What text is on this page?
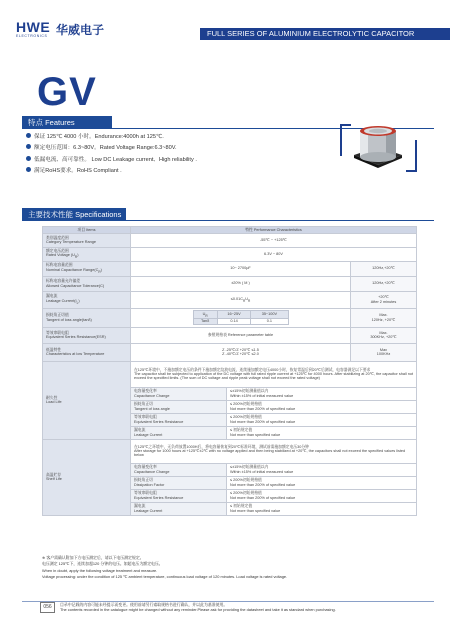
HWE 华威电子
ELECTRONICS	FULL SERIES OF ALUMINIUM ELECTROLYTIC CAPACITOR
GV
特点 Features
保证 125℃ 4000 小时。Endurance:4000h at 125℃.
额定电压范围：6.3~80V。Rated Voltage Range:6.3~80V.
低漏电流、高可靠性。 Low DC Leakage current、High reliability .
满足RoHS要求。RoHS Compliant .
主要技术性能 Specifications
项目 Items	特性 Performance Characteristics

类别温度范围
Category Temperature Range
	-55℃ ~ +125℃

额定电压范围
Rated Voltage $(U_R)$	6.3V ~ 80V

标称电容量范围
Nominal Capacitance $Range(C_R)$	10~ 2700μF	120Hz,+20℃

标称电容量允许偏差
Allowed Capacitance Tolerance(C)
	±20% ( M )	120Hz,+20℃

漏电流
Leakage $Current(I_L)$
	$\le 0.01C_RU_R$	
+20℃
After 2 minutes

损耗角正切值
Tangent of loss angle(tanδ)

$U_R$	16~25V	35~100V
Tanδ	0.14	0.1

Max.
120Hz, +20℃

等效串联电阻
Equivalent Series Resistance(ESR)
	参照规格表 Reference parameter table	
Max.
300KHz, +20℃

低温特性
Characteristics at low Temperature

Z -25℃/Z +20℃ ≤1.5
Z -40℃/Z +20℃ ≤2.0

Max
100KHz

耐久性
Load Life

在125℃环境中，不施加额定电压的条件下施加额定纹波电流，连续施加额定电压4000小时，恢复常温后到20℃后测试，电容器满足以下要求
The capacitor shall be subjected to application of the DC voltage with full rated ripple current at +125℃ for 4000 hours. After stabilizing at 20℃, the capacitor shall not exceed the specified limits. (The sum of DC voltage and ripple peak voltage shall not exceed the rated voltage)

电容量变化率
Capacitance Change

≤±15%初始测量值以内
Within ±15% of initial measured value

损耗角正切
Tangent of loss angle

≤ 200%初始规格值
Not more than 200% of specified value

等效串联电阻
Equivalent Series Resistance

≤ 200%初始规格值
Not more than 200% of specified value

漏电流
Leakage Current

≤ 初始规定值
Not more than specified value

高温贮存
Shelf Life

在125℃之环境中，无负荷放置1000H后，将电容量恢复到20℃标准环境，测试前需施加额定电压30分钟
After storage for 1000 hours at +125℃±2℃ with no voltage applied and then being stabilized at +20℃, the capacitors shall not exceed the specified values listed below

电容量变化率
Capacitance Change

≤±15%初始测量值以内
Within ±15% of initial measured value

损耗角正切
Dissipation Factor

≤ 200%初始规格值
Not more than 200% of specified value

等效串联电阻
Equivalent Series Resistance

≤ 200%初始规格值
Not more than 200% of specified value

漏电流
Leakage Current

≤ 初始规定值
Not more than specified value
※ 客户需确认附加下方电压测定后，请以下电压测定规定。
电压测定 125℃下，连续加超120 分钟的电压。如超电压为额定电压。
When in doubt, apply the following voltage treatment and measure.
Voltage processing: under the condition of 125 ℃ ambient temperature, continuous load voltage of 120 minutes. Load voltage is rated voltage.
056	目录中记载的内容可能未经提示而变更。使用前请另行索取规格书进行确认，并以此为基准使用。
The contents recorded in the catalogue might be changed without any reminder.Please ask for providing the datasheet and take it as standard when purchasing.
